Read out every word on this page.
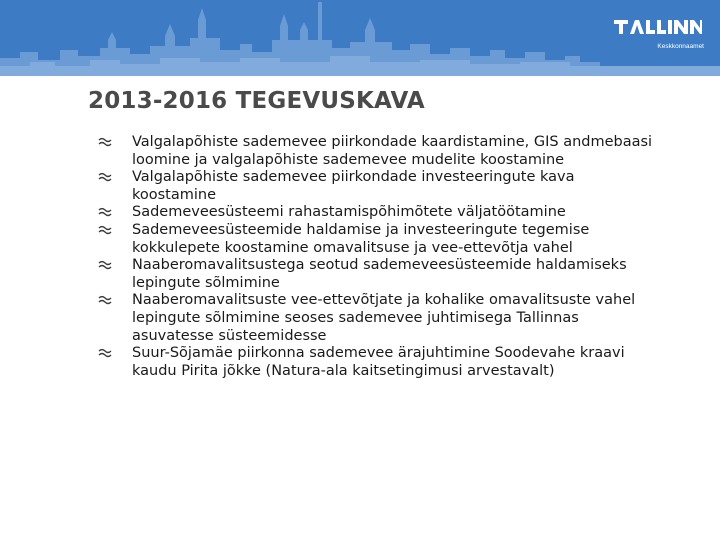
Keskkonnaamet
2013-2016 TEGEVUSKAVA
Valgalapõhiste sademevee piirkondade kaardistamine, GIS andmebaasi loomine ja valgalapõhiste sademevee mudelite koostamine
Valgalapõhiste sademevee piirkondade investeeringute kava koostamine
Sademeveesüsteemi rahastamispõhimõtete väljatöötamine
Sademeveesüsteemide haldamise ja investeeringute tegemise kokkulepete koostamine omavalitsuse ja vee-ettevõtja vahel
Naaberomavalitsustega seotud sademeveesüsteemide haldamiseks lepingute sõlmimine
Naaberomavalitsuste vee-ettevõtjate ja kohalike omavalitsuste vahel lepingute sõlmimine seoses sademevee juhtimisega Tallinnas asuvatesse süsteemidesse
Suur-Sõjamäe piirkonna sademevee ärajuhtimine Soodevahe kraavi kaudu Pirita jõkke (Natura-ala kaitsetingimusi arvestavalt)
